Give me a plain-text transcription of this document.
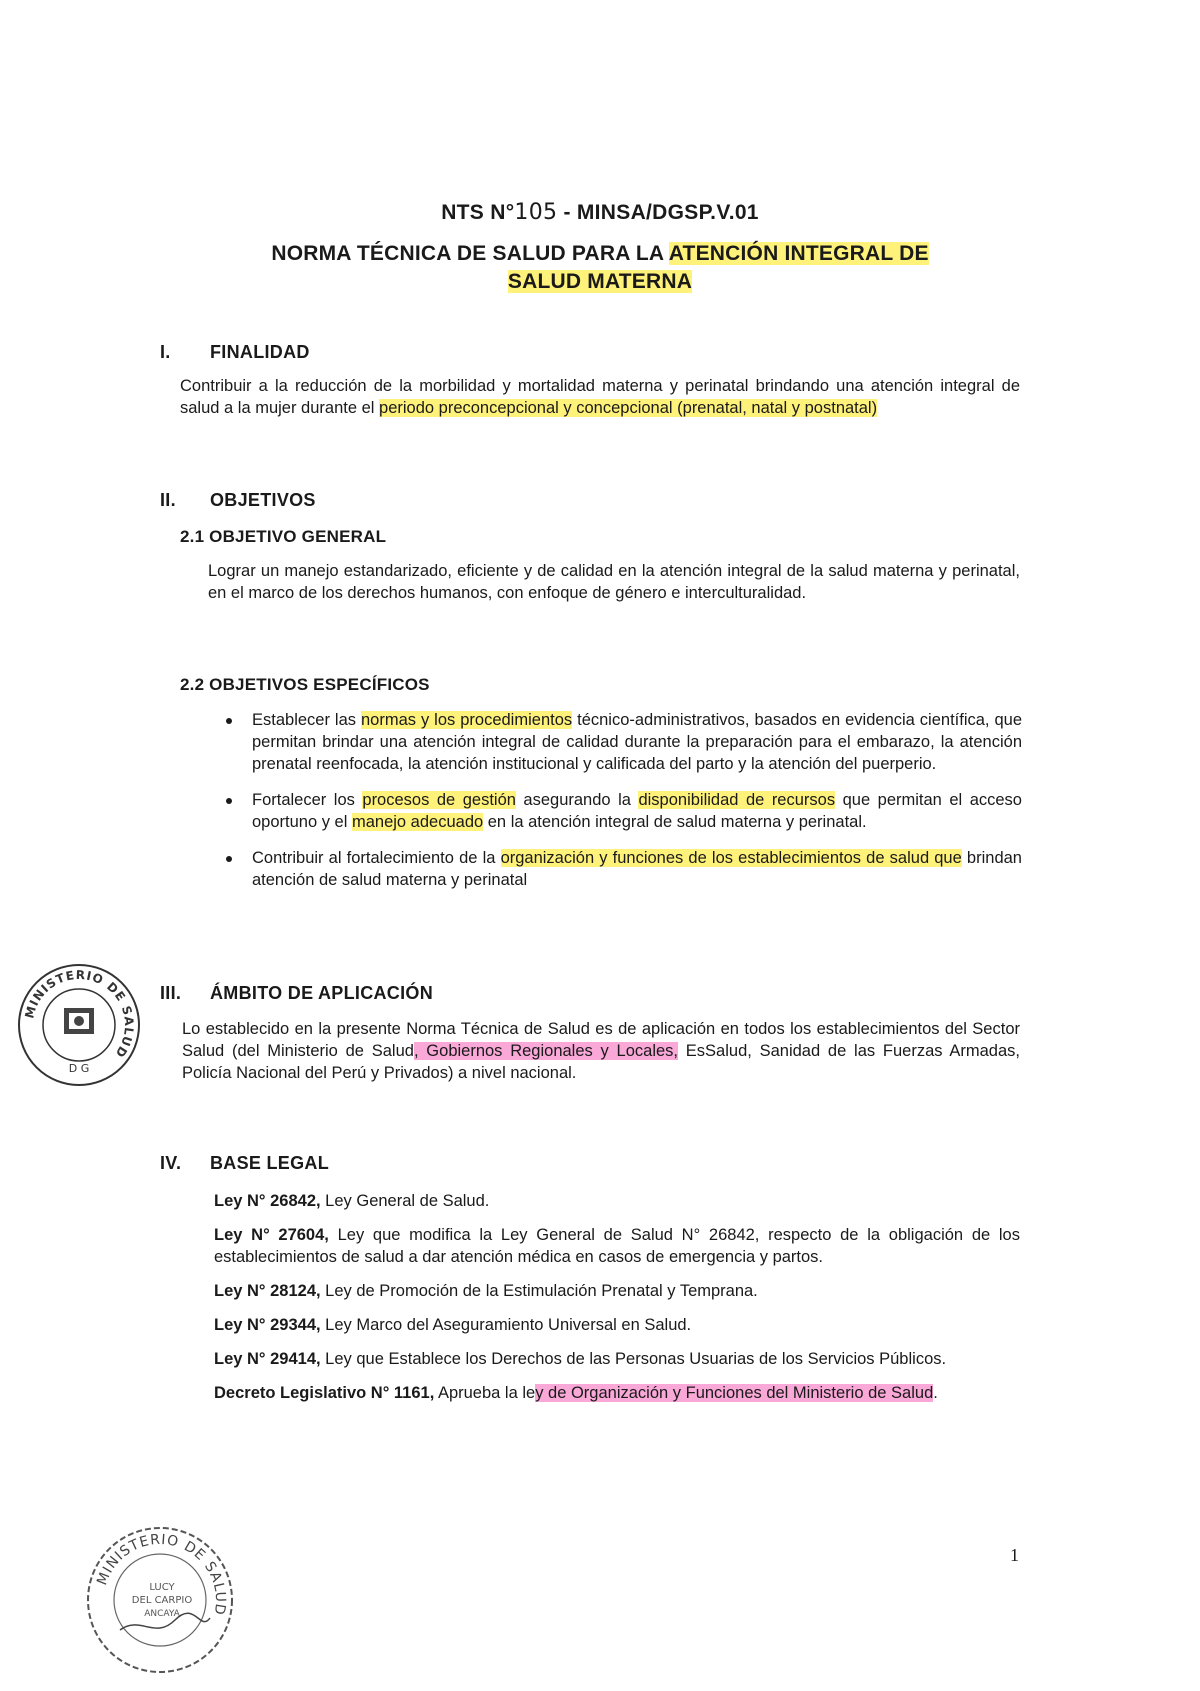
NTS N°105 - MINSA/DGSP.V.01
NORMA TÉCNICA DE SALUD PARA LA ATENCIÓN INTEGRAL DE
SALUD MATERNA
I. FINALIDAD
Contribuir a la reducción de la morbilidad y mortalidad materna y perinatal brindando una atención integral de salud a la mujer durante el periodo preconcepcional y concepcional (prenatal, natal y postnatal)
II. OBJETIVOS
2.1 OBJETIVO GENERAL
Lograr un manejo estandarizado, eficiente y de calidad en la atención integral de la salud materna y perinatal, en el marco de los derechos humanos, con enfoque de género e interculturalidad.
2.2 OBJETIVOS ESPECÍFICOS
Establecer las normas y los procedimientos técnico-administrativos, basados en evidencia científica, que permitan brindar una atención integral de calidad durante la preparación para el embarazo, la atención prenatal reenfocada, la atención institucional y calificada del parto y la atención del puerperio.
Fortalecer los procesos de gestión asegurando la disponibilidad de recursos que permitan el acceso oportuno y el manejo adecuado en la atención integral de salud materna y perinatal.
Contribuir al fortalecimiento de la organización y funciones de los establecimientos de salud que brindan atención de salud materna y perinatal
III. ÁMBITO DE APLICACIÓN
Lo establecido en la presente Norma Técnica de Salud es de aplicación en todos los establecimientos del Sector Salud (del Ministerio de Salud, Gobiernos Regionales y Locales, EsSalud, Sanidad de las Fuerzas Armadas, Policía Nacional del Perú y Privados) a nivel nacional.
IV. BASE LEGAL
Ley N° 26842, Ley General de Salud.
Ley N° 27604, Ley que modifica la Ley General de Salud N° 26842, respecto de la obligación de los establecimientos de salud a dar atención médica en casos de emergencia y partos.
Ley N° 28124, Ley de Promoción de la Estimulación Prenatal y Temprana.
Ley N° 29344, Ley Marco del Aseguramiento Universal en Salud.
Ley N° 29414, Ley que Establece los Derechos de las Personas Usuarias de los Servicios Públicos.
Decreto Legislativo N° 1161, Aprueba la ley de Organización y Funciones del Ministerio de Salud.
1
MINISTERIO DE SALUD
D G
MINISTERIO DE SALUD
LUCY
DEL CARPIO
ANCAYA
